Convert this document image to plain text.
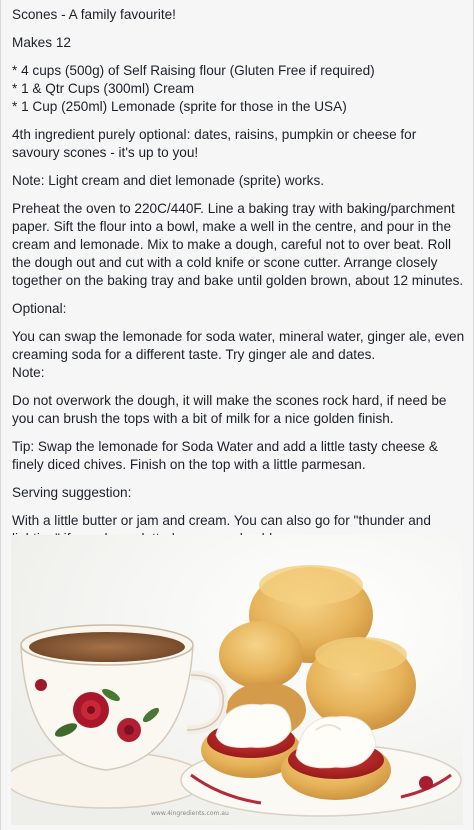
Scones - A family favourite!

Makes 12

* 4 cups (500g) of Self Raising flour (Gluten Free if required)

* 1 & Qtr Cups (300ml) Cream

* 1 Cup (250ml) Lemonade (sprite for those in the USA)

4th ingredient purely optional: dates, raisins, pumpkin or cheese for savoury scones - it's up to you!

Note: Light cream and diet lemonade (sprite) works.

Preheat the oven to 220C/440F. Line a baking tray with baking/parchment paper. Sift the flour into a bowl, make a well in the centre, and pour in the cream and lemonade. Mix to make a dough, careful not to over beat. Roll the dough out and cut with a cold knife or scone cutter. Arrange closely together on the baking tray and bake until golden brown, about 12 minutes.

Optional:

You can swap the lemonade for soda water, mineral water, ginger ale, even creaming soda for a different taste. Try ginger ale and dates.

Note:

Do not overwork the dough, it will make the scones rock hard, if need be you can brush the tops with a bit of milk for a nice golden finish.

Tip: Swap the lemonade for Soda Water and add a little tasty cheese & finely diced chives. Finish on the top with a little parmesan.

Serving suggestion:

With a little butter or jam and cream. You can also go for "thunder and

www.4ingredients.com.au
